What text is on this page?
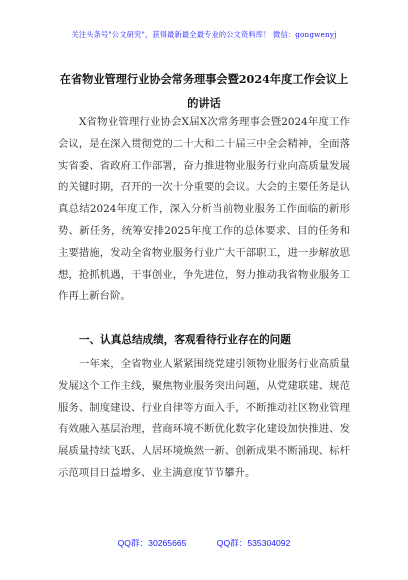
关注头条号"公文研究"，获得最新最全最专业的公文资料库！ 微信：gongwenyj
在省物业管理行业协会常务理事会暨2024年度工作会议上的讲话
X省物业管理行业协会X届X次常务理事会暨2024年度工作会议，是在深入贯彻党的二十大和二十届三中全会精神，全面落实省委、省政府工作部署，奋力推进物业服务行业向高质量发展的关键时期，召开的一次十分重要的会议。大会的主要任务是认真总结2024年度工作，深入分析当前物业服务工作面临的新形势、新任务，统筹安排2025年度工作的总体要求、目的任务和主要措施，发动全省物业服务行业广大干部职工，进一步解放思想，抢抓机遇，干事创业，争先进位，努力推动我省物业服务工作再上新台阶。
一、认真总结成绩，客观看待行业存在的问题
一年来，全省物业人紧紧围绕党建引领物业服务行业高质量发展这个工作主线，聚焦物业服务突出问题，从党建联建、规范服务、制度建设、行业自律等方面入手，不断推动社区物业管理有效融入基层治理，营商环境不断优化数字化建设加快推进、发展质量持续飞跃、人居环境焕然一新、创新成果不断涌现、标杆示范项目日益增多、业主满意度节节攀升。
QQ群：30265665	QQ群：535304092
